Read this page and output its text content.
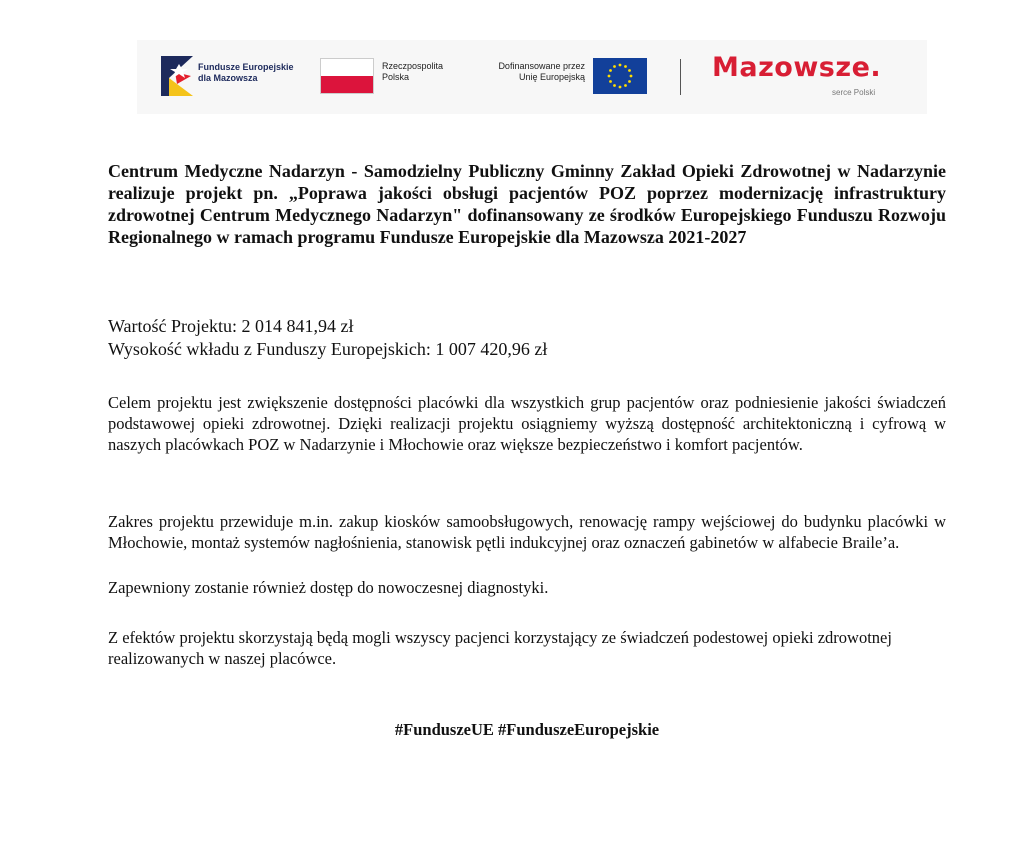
Fundusze Europejskie
dla Mazowsza
Rzeczpospolita
Polska
Dofinansowane przez
Unię Europejską	Mazowsze.
serce Polski

Centrum Medyczne Nadarzyn - Samodzielny Publiczny Gminny Zakład Opieki Zdrowotnej w Nadarzynie realizuje projekt pn. „Poprawa jakości obsługi pacjentów POZ poprzez modernizację infrastruktury zdrowotnej Centrum Medycznego Nadarzyn" dofinansowany ze środków Europejskiego Funduszu Rozwoju Regionalnego w ramach programu Fundusze Europejskie dla Mazowsza 2021-2027

Wartość Projektu: 2 014 841,94 zł
Wysokość wkładu z Funduszy Europejskich: 1 007 420,96 zł

Celem projektu jest zwiększenie dostępności placówki dla wszystkich grup pacjentów oraz podniesienie jakości świadczeń podstawowej opieki zdrowotnej. Dzięki realizacji projektu osiągniemy wyższą dostępność architektoniczną i cyfrową w naszych placówkach POZ w Nadarzynie i Młochowie oraz większe bezpieczeństwo i komfort pacjentów.

Zakres projektu przewiduje m.in. zakup kiosków samoobsługowych, renowację rampy wejściowej do budynku placówki w Młochowie, montaż systemów nagłośnienia, stanowisk pętli indukcyjnej oraz oznaczeń gabinetów w alfabecie Braile’a.

Zapewniony zostanie również dostęp do nowoczesnej diagnostyki.

Z efektów projektu skorzystają będą mogli wszyscy pacjenci korzystający ze świadczeń podestowej opieki zdrowotnej realizowanych w naszej placówce.

#FunduszeUE #FunduszeEuropejskie
